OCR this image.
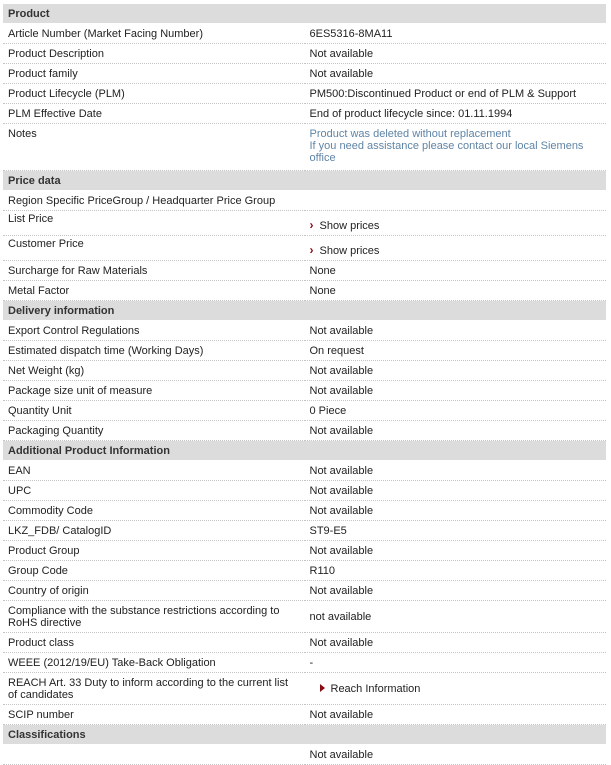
Product	
Article Number (Market Facing Number)	6ES5316-8MA11
Product Description	Not available
Product family	Not available
Product Lifecycle (PLM)	PM500:Discontinued Product or end of PLM & Support
PLM Effective Date	End of product lifecycle since: 01.11.1994
Notes	Product was deleted without replacement
If you need assistance please contact our local Siemens office

Price data	
Region Specific PriceGroup / Headquarter Price Group	
List Price	› Show prices
Customer Price	› Show prices
Surcharge for Raw Materials	None
Metal Factor	None
Delivery information	
Export Control Regulations	Not available
Estimated dispatch time (Working Days)	On request
Net Weight (kg)	Not available
Package size unit of measure	Not available
Quantity Unit	0 Piece
Packaging Quantity	Not available
Additional Product Information	
EAN	Not available
UPC	Not available
Commodity Code	Not available
LKZ_FDB/ CatalogID	ST9-E5
Product Group	Not available
Group Code	R110
Country of origin	Not available
Compliance with the substance restrictions according to RoHS directive	not available
Product class	Not available
WEEE (2012/19/EU) Take-Back Obligation	-
REACH Art. 33 Duty to inform according to the current list of candidates	Reach Information
SCIP number	Not available
Classifications	
	Not available
